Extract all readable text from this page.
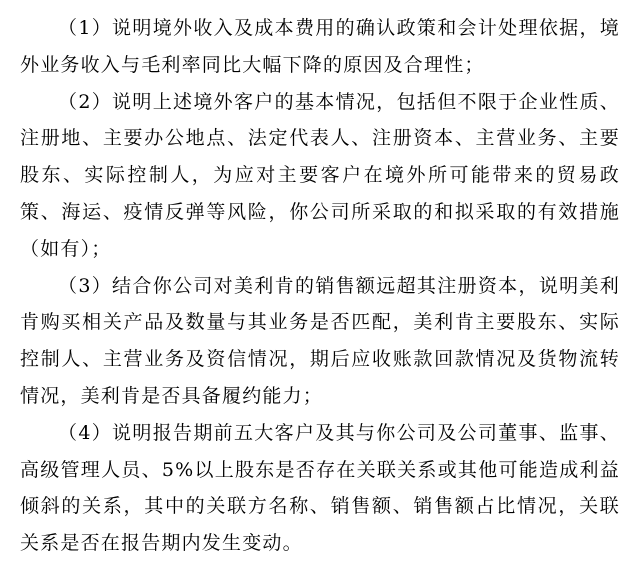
（1）说明境外收入及成本费用的确认政策和会计处理依据，境外业务收入与毛利率同比大幅下降的原因及合理性；

（2）说明上述境外客户的基本情况，包括但不限于企业性质、注册地、主要办公地点、法定代表人、注册资本、主营业务、主要股东、实际控制人，为应对主要客户在境外所可能带来的贸易政策、海运、疫情反弹等风险，你公司所采取的和拟采取的有效措施（如有）；

（3）结合你公司对美利肯的销售额远超其注册资本，说明美利肯购买相关产品及数量与其业务是否匹配，美利肯主要股东、实际控制人、主营业务及资信情况，期后应收账款回款情况及货物流转情况，美利肯是否具备履约能力；

（4）说明报告期前五大客户及其与你公司及公司董事、监事、高级管理人员、5%以上股东是否存在关联关系或其他可能造成利益倾斜的关系，其中的关联方名称、销售额、销售额占比情况，关联关系是否在报告期内发生变动。
